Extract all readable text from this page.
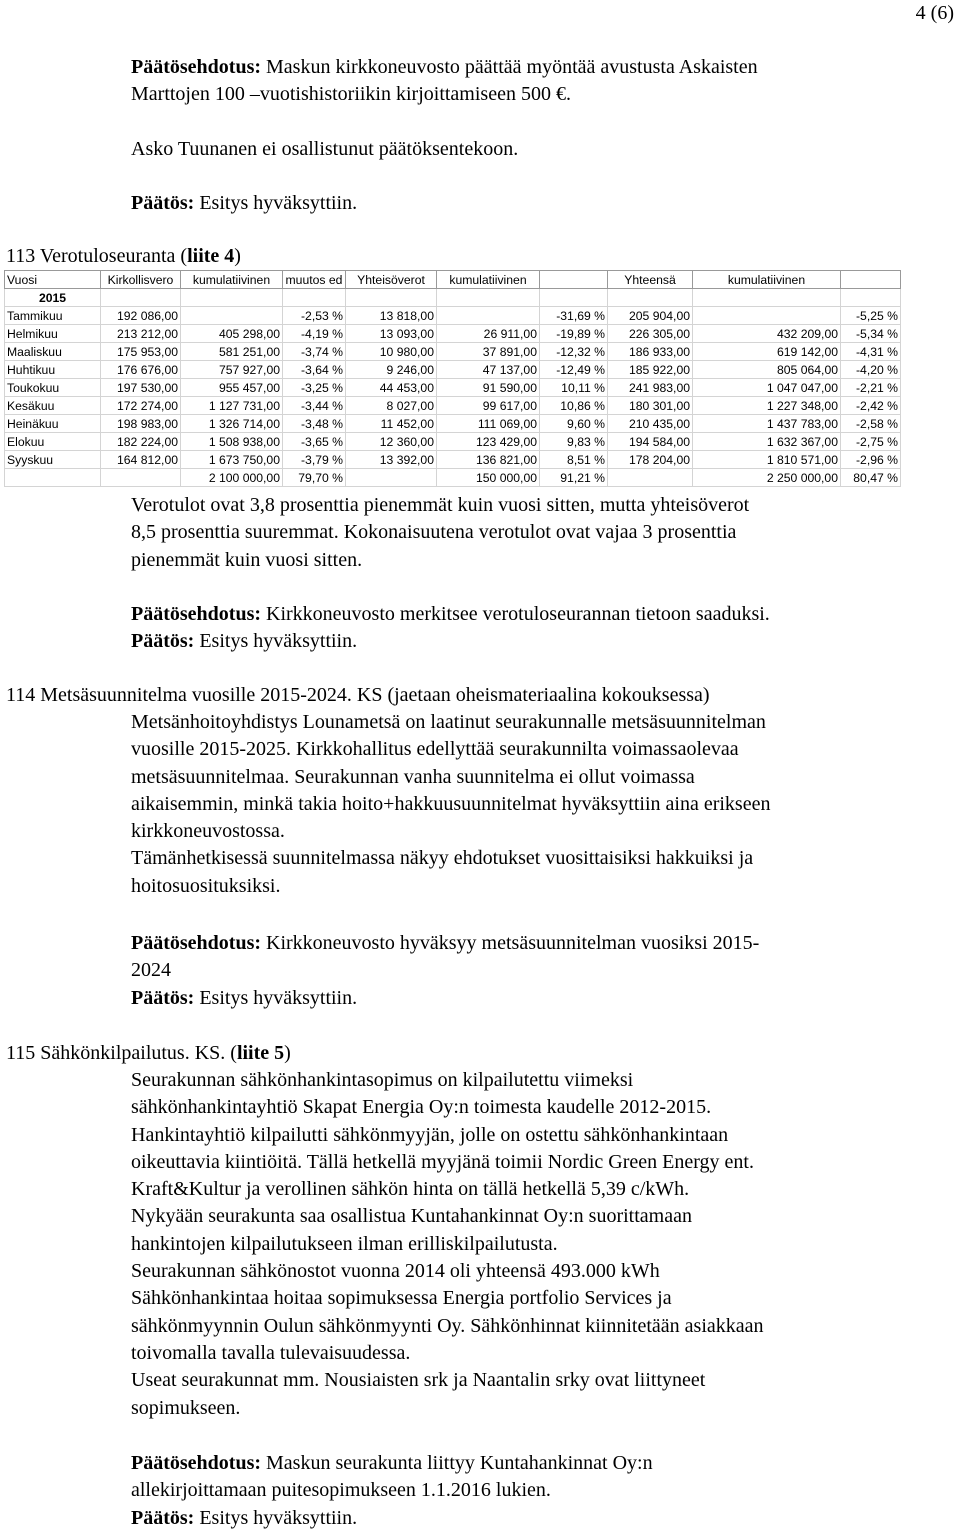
4 (6)
Päätösehdotus: Maskun kirkkoneuvosto päättää myöntää avustusta Askaisten
Marttojen 100 –vuotishistoriikin kirjoittamiseen 500 €.
Asko Tuunanen ei osallistunut päätöksentekoon.
Päätös: Esitys hyväksyttiin.
113 Verotuloseuranta (liite 4)
Vuosi	Kirkollisvero	kumulatiivinen	muutos ed	Yhteisöverot	kumulatiivinen		Yhteensä	kumulatiivinen	
2015									
Tammikuu	192 086,00		-2,53 %	13 818,00		-31,69 %	205 904,00		-5,25 %
Helmikuu	213 212,00	405 298,00	-4,19 %	13 093,00	26 911,00	-19,89 %	226 305,00	432 209,00	-5,34 %
Maaliskuu	175 953,00	581 251,00	-3,74 %	10 980,00	37 891,00	-12,32 %	186 933,00	619 142,00	-4,31 %
Huhtikuu	176 676,00	757 927,00	-3,64 %	9 246,00	47 137,00	-12,49 %	185 922,00	805 064,00	-4,20 %
Toukokuu	197 530,00	955 457,00	-3,25 %	44 453,00	91 590,00	10,11 %	241 983,00	1 047 047,00	-2,21 %
Kesäkuu	172 274,00	1 127 731,00	-3,44 %	8 027,00	99 617,00	10,86 %	180 301,00	1 227 348,00	-2,42 %
Heinäkuu	198 983,00	1 326 714,00	-3,48 %	11 452,00	111 069,00	9,60 %	210 435,00	1 437 783,00	-2,58 %
Elokuu	182 224,00	1 508 938,00	-3,65 %	12 360,00	123 429,00	9,83 %	194 584,00	1 632 367,00	-2,75 %
Syyskuu	164 812,00	1 673 750,00	-3,79 %	13 392,00	136 821,00	8,51 %	178 204,00	1 810 571,00	-2,96 %
		2 100 000,00	79,70 %		150 000,00	91,21 %		2 250 000,00	80,47 %
Verotulot ovat 3,8 prosenttia pienemmät kuin vuosi sitten, mutta yhteisöverot
8,5 prosenttia suuremmat. Kokonaisuutena verotulot ovat vajaa 3 prosenttia
pienemmät kuin vuosi sitten.
Päätösehdotus: Kirkkoneuvosto merkitsee verotuloseurannan tietoon saaduksi.
Päätös: Esitys hyväksyttiin.
114 Metsäsuunnitelma vuosille 2015-2024. KS (jaetaan oheismateriaalina kokouksessa)
Metsänhoitoyhdistys Lounametsä on laatinut seurakunnalle metsäsuunnitelman
vuosille 2015-2025. Kirkkohallitus edellyttää seurakunnilta voimassaolevaa
metsäsuunnitelmaa. Seurakunnan vanha suunnitelma ei ollut voimassa
aikaisemmin, minkä takia hoito+hakkuusuunnitelmat hyväksyttiin aina erikseen
kirkkoneuvostossa.
Tämänhetkisessä suunnitelmassa näkyy ehdotukset vuosittaisiksi hakkuiksi ja
hoitosuosituksiksi.
Päätösehdotus: Kirkkoneuvosto hyväksyy metsäsuunnitelman vuosiksi 2015-
2024
Päätös: Esitys hyväksyttiin.
115 Sähkönkilpailutus. KS. (liite 5)
Seurakunnan sähkönhankintasopimus on kilpailutettu viimeksi
sähkönhankintayhtiö Skapat Energia Oy:n toimesta kaudelle 2012-2015.
Hankintayhtiö kilpailutti sähkönmyyjän, jolle on ostettu sähkönhankintaan
oikeuttavia kiintiöitä. Tällä hetkellä myyjänä toimii Nordic Green Energy ent.
Kraft&Kultur ja verollinen sähkön hinta on tällä hetkellä 5,39 c/kWh.
Nykyään seurakunta saa osallistua Kuntahankinnat Oy:n suorittamaan
hankintojen kilpailutukseen ilman erilliskilpailutusta.
Seurakunnan sähkönostot vuonna 2014 oli yhteensä 493.000 kWh
Sähkönhankintaa hoitaa sopimuksessa Energia portfolio Services ja
sähkönmyynnin Oulun sähkönmyynti Oy. Sähkönhinnat kiinnitetään asiakkaan
toivomalla tavalla tulevaisuudessa.
Useat seurakunnat mm. Nousiaisten srk ja Naantalin srky ovat liittyneet
sopimukseen.
Päätösehdotus: Maskun seurakunta liittyy Kuntahankinnat Oy:n
allekirjoittamaan puitesopimukseen 1.1.2016 lukien.
Päätös: Esitys hyväksyttiin.
